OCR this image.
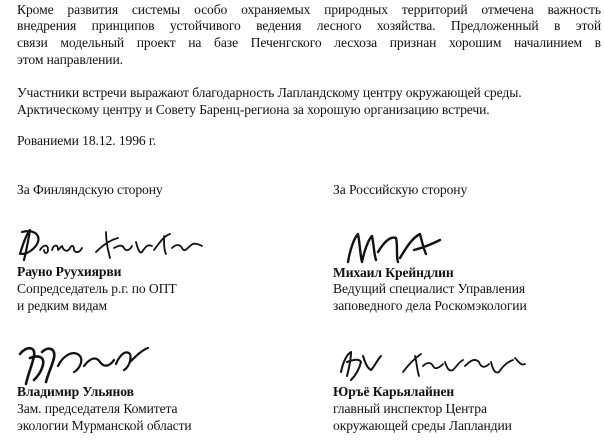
Кроме развития системы особо охраняемых природных территорий отмечена важность
внедрения принципов устойчивого ведения лесного хозяйства. Предложенный в этой
связи модельный проект на базе Печенгского лесхоза признан хорошим началинием в
этом направлении.
Участники встречи выражают благодарность Лапландскому центру окружающей среды.
Арктическому центру и Совету Баренц-региона за хорошую организацию встречи.
Рованиеми 18.12. 1996 г.
За Финляндскую сторону	За Российскую сторону
Рауно Руухиярви
Сопредседатель р.г. по ОПТ
и редким видам
Михаил Крейндлин
Ведущий специалист Управления
заповедного дела Роскомэкологии
Владимир Ульянов
Зам. председателя Комитета
экологии Мурманской области
Юръё Карьялайнен
главный инспектор Центра
окружающей среды Лапландии
